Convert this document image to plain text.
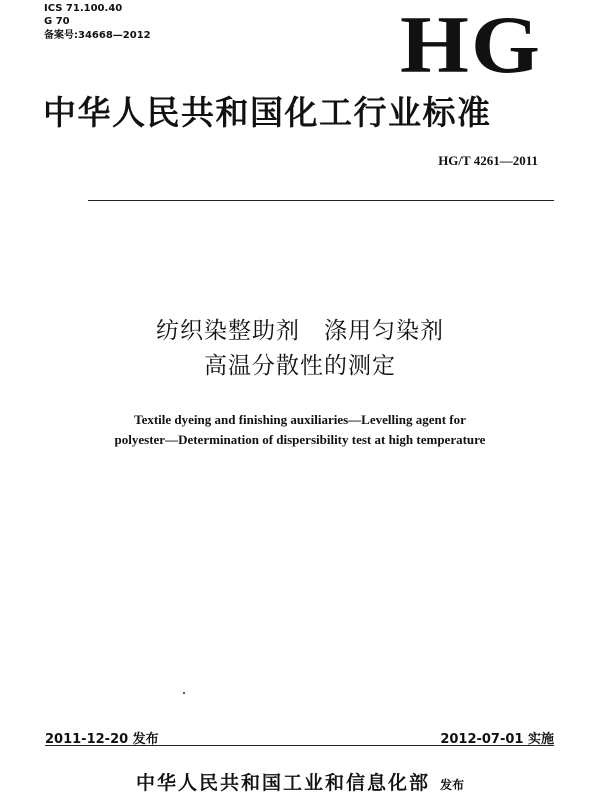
ICS 71.100.40
G 70
备案号:34668—2012	HG
中华人民共和国化工行业标准
HG/T 4261—2011
纺织染整助剂　涤用匀染剂
高温分散性的测定
Textile dyeing and finishing auxiliaries—Levelling agent for
polyester—Determination of dispersibility test at high temperature
2011-12-20 发布	2012-07-01 实施
中华人民共和国工业和信息化部 发布
